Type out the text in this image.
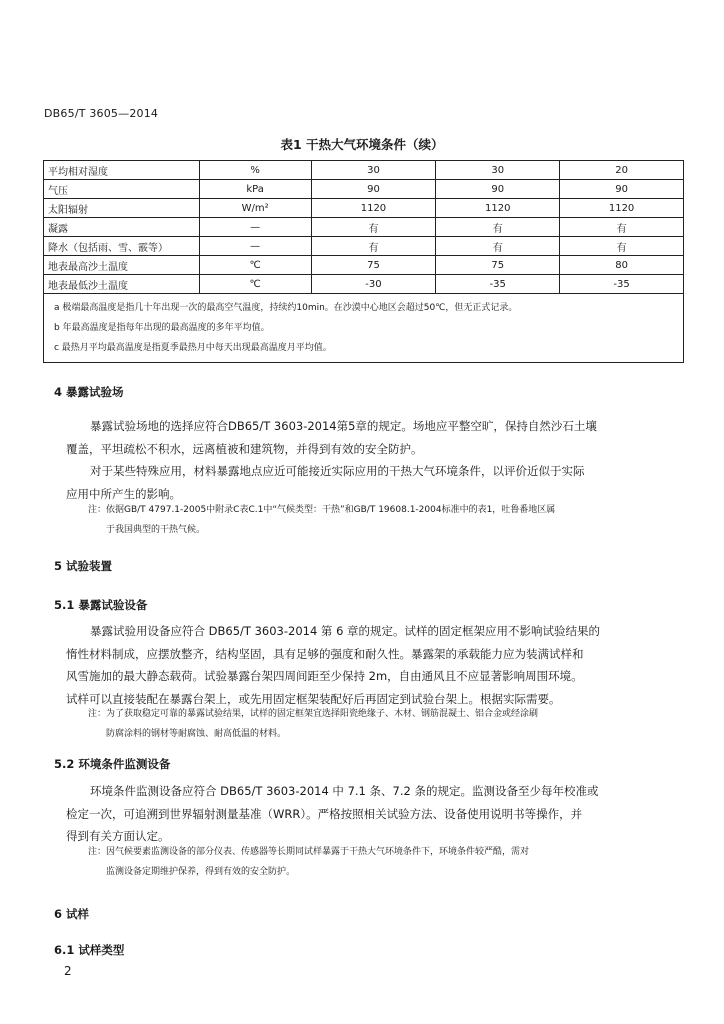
DB65/T 3605—2014
表1 干热大气环境条件（续）
平均相对湿度	%	30	30	20
气压	kPa	90	90	90
太阳辐射	W/m²	1120	1120	1120
凝露	—	有	有	有
降水（包括雨、雪、霰等）	—	有	有	有
地表最高沙土温度	℃	75	75	80
地表最低沙土温度	℃	-30	-35	-35

a 极端最高温度是指几十年出现一次的最高空气温度，持续约10min。在沙漠中心地区会超过50℃，但无正式记录。
b 年最高温度是指每年出现的最高温度的多年平均值。
c 最热月平均最高温度是指夏季最热月中每天出现最高温度月平均值。				
4 暴露试验场
暴露试验场地的选择应符合DB65/T 3603-2014第5章的规定。场地应平整空旷，保持自然沙石土壤
覆盖，平坦疏松不积水，远离植被和建筑物，并得到有效的安全防护。
对于某些特殊应用，材料暴露地点应近可能接近实际应用的干热大气环境条件，以评价近似于实际
应用中所产生的影响。
注：依据GB/T 4797.1-2005中附录C表C.1中“气候类型：干热”和GB/T 19608.1-2004标准中的表1，吐鲁番地区属
于我国典型的干热气候。
5 试验装置
5.1 暴露试验设备
暴露试验用设备应符合 DB65/T 3603-2014 第 6 章的规定。试样的固定框架应用不影响试验结果的
惰性材料制成，应摆放整齐，结构坚固，具有足够的强度和耐久性。暴露架的承载能力应为装满试样和
风雪施加的最大静态载荷。试验暴露台架四周间距至少保持 2m，自由通风且不应显著影响周围环境。
试样可以直接装配在暴露台架上，或先用固定框架装配好后再固定到试验台架上。根据实际需要。
注：为了获取稳定可靠的暴露试验结果，试样的固定框架宜选择阳瓷绝缘子、木材、钢筋混凝土、铝合金或经涂刷
防腐涂料的钢材等耐腐蚀、耐高低温的材料。
5.2 环境条件监测设备
环境条件监测设备应符合 DB65/T 3603-2014 中 7.1 条、7.2 条的规定。监测设备至少每年校准或
检定一次，可追溯到世界辐射测量基准（WRR）。严格按照相关试验方法、设备使用说明书等操作，并
得到有关方面认定。
注：因气候要素监测设备的部分仪表、传感器等长期同试样暴露于干热大气环境条件下，环境条件较严酷，需对
监测设备定期维护保养，得到有效的安全防护。
6 试样
6.1 试样类型
2
